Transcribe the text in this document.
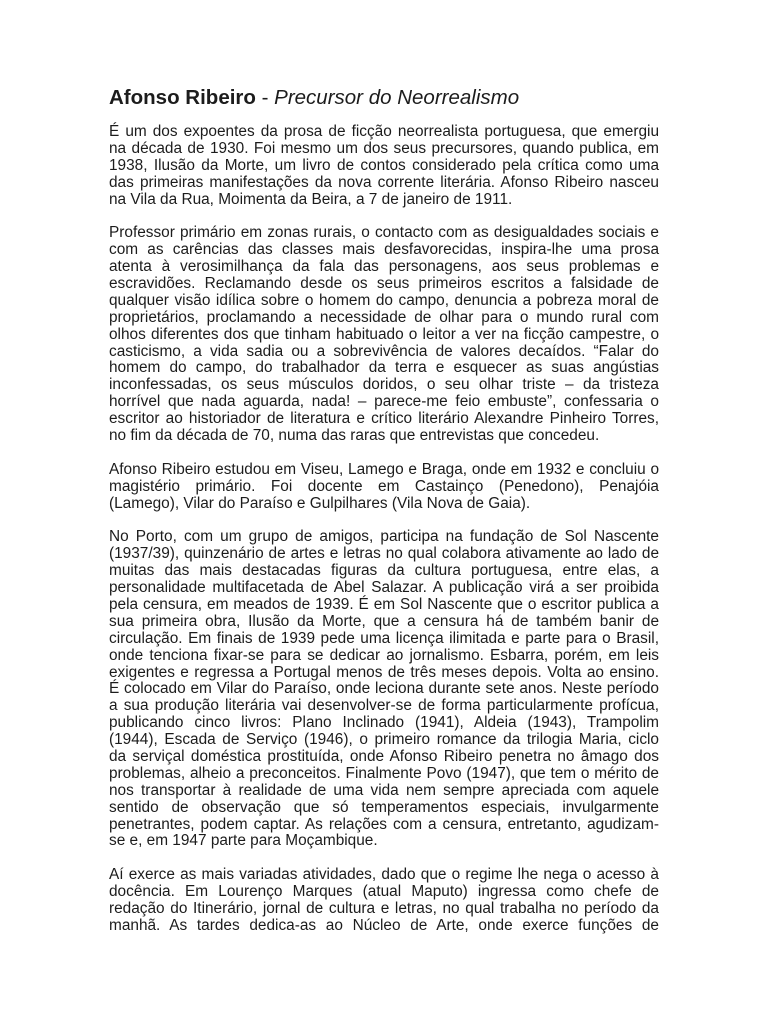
Afonso Ribeiro - Precursor do Neorrealismo
É um dos expoentes da prosa de ficção neorrealista portuguesa, que emergiu
na década de 1930. Foi mesmo um dos seus precursores, quando publica, em
1938, Ilusão da Morte, um livro de contos considerado pela crítica como uma
das primeiras manifestações da nova corrente literária. Afonso Ribeiro nasceu
na Vila da Rua, Moimenta da Beira, a 7 de janeiro de 1911.
Professor primário em zonas rurais, o contacto com as desigualdades sociais e
com as carências das classes mais desfavorecidas, inspira-lhe uma prosa
atenta à verosimilhança da fala das personagens, aos seus problemas e
escravidões. Reclamando desde os seus primeiros escritos a falsidade de
qualquer visão idílica sobre o homem do campo, denuncia a pobreza moral de
proprietários, proclamando a necessidade de olhar para o mundo rural com
olhos diferentes dos que tinham habituado o leitor a ver na ficção campestre, o
casticismo, a vida sadia ou a sobrevivência de valores decaídos. “Falar do
homem do campo, do trabalhador da terra e esquecer as suas angústias
inconfessadas, os seus músculos doridos, o seu olhar triste – da tristeza
horrível que nada aguarda, nada! – parece-me feio embuste”, confessaria o
escritor ao historiador de literatura e crítico literário Alexandre Pinheiro Torres,
no fim da década de 70, numa das raras que entrevistas que concedeu.
Afonso Ribeiro estudou em Viseu, Lamego e Braga, onde em 1932 e concluiu o
magistério primário. Foi docente em Castainço (Penedono), Penajóia
(Lamego), Vilar do Paraíso e Gulpilhares (Vila Nova de Gaia).
No Porto, com um grupo de amigos, participa na fundação de Sol Nascente
(1937/39), quinzenário de artes e letras no qual colabora ativamente ao lado de
muitas das mais destacadas figuras da cultura portuguesa, entre elas, a
personalidade multifacetada de Abel Salazar. A publicação virá a ser proibida
pela censura, em meados de 1939. É em Sol Nascente que o escritor publica a
sua primeira obra, Ilusão da Morte, que a censura há de também banir de
circulação. Em finais de 1939 pede uma licença ilimitada e parte para o Brasil,
onde tenciona fixar-se para se dedicar ao jornalismo. Esbarra, porém, em leis
exigentes e regressa a Portugal menos de três meses depois. Volta ao ensino.
É colocado em Vilar do Paraíso, onde leciona durante sete anos. Neste período
a sua produção literária vai desenvolver-se de forma particularmente profícua,
publicando cinco livros: Plano Inclinado (1941), Aldeia (1943), Trampolim
(1944), Escada de Serviço (1946), o primeiro romance da trilogia Maria, ciclo
da serviçal doméstica prostituída, onde Afonso Ribeiro penetra no âmago dos
problemas, alheio a preconceitos. Finalmente Povo (1947), que tem o mérito de
nos transportar à realidade de uma vida nem sempre apreciada com aquele
sentido de observação que só temperamentos especiais, invulgarmente
penetrantes, podem captar. As relações com a censura, entretanto, agudizam-
se e, em 1947 parte para Moçambique.
Aí exerce as mais variadas atividades, dado que o regime lhe nega o acesso à
docência. Em Lourenço Marques (atual Maputo) ingressa como chefe de
redação do Itinerário, jornal de cultura e letras, no qual trabalha no período da
manhã. As tardes dedica-as ao Núcleo de Arte, onde exerce funções de
